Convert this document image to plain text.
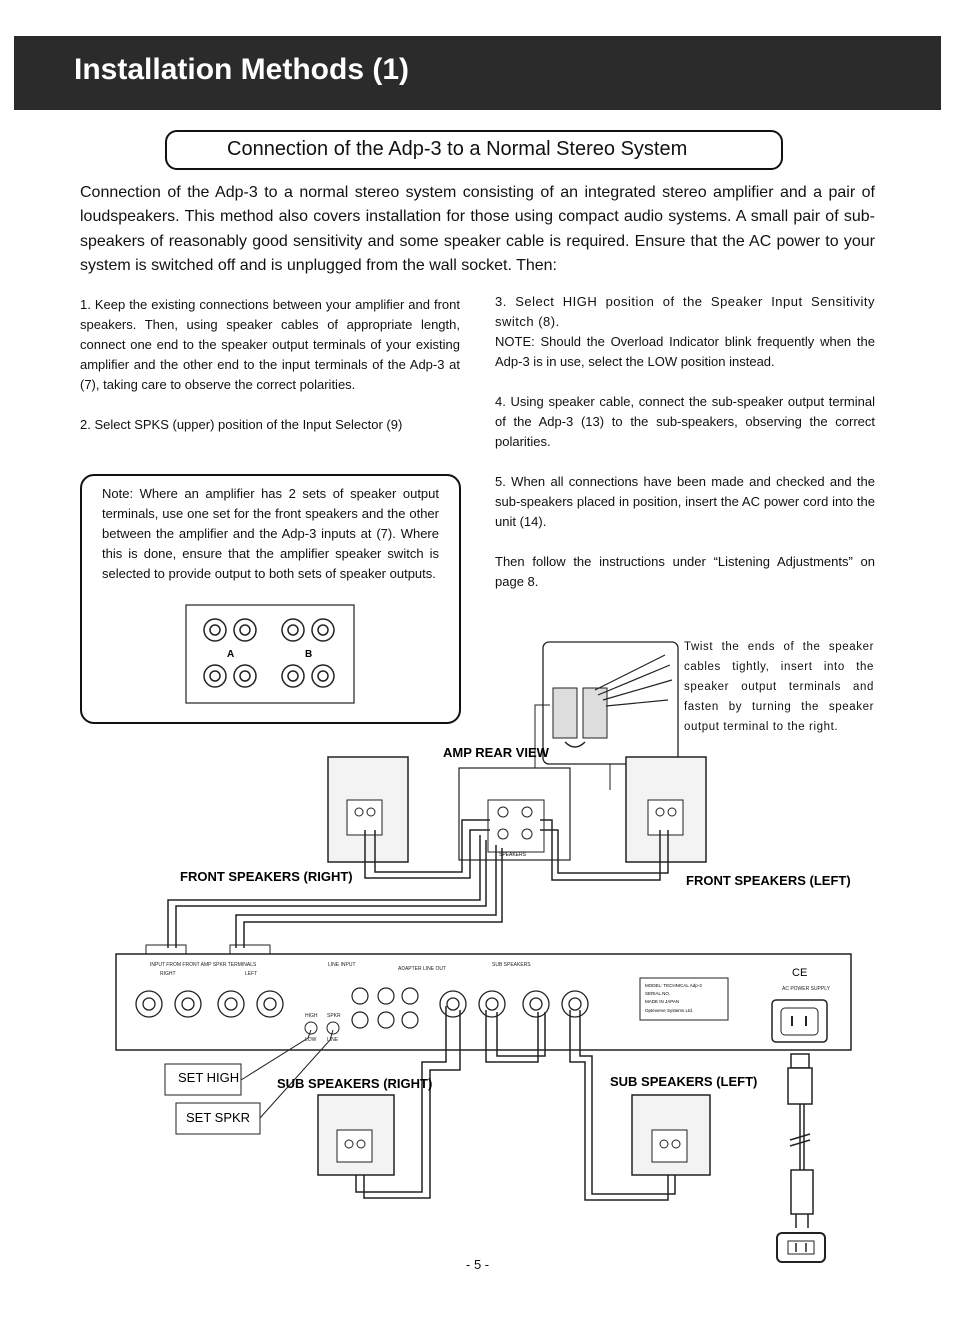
Installation Methods (1)
Connection of the Adp-3 to a Normal Stereo System

Connection of the Adp-3 to a normal stereo system consisting of an integrated stereo amplifier and a pair of loudspeakers. This method also covers installation for those using compact audio systems. A small pair of sub-speakers of reasonably good sensitivity and some speaker cable is required. Ensure that the AC power to your system is switched off and is unplugged from the wall socket. Then:

1. Keep the existing connections between your amplifier and front speakers. Then, using speaker cables of appropriate length, connect one end to the speaker output terminals of your existing amplifier and the other end to the input terminals of the Adp-3 at (7), taking care to observe the correct polarities.

2. Select SPKS (upper) position of the Input Selector (9)

Note: Where an amplifier has 2 sets of speaker output terminals, use one set for the front speakers and the other between the amplifier and the Adp-3 inputs at (7). Where this is done, ensure that the amplifier speaker switch is selected to provide output to both sets of speaker outputs.

A	B

3. Select HIGH position of the Speaker Input Sensitivity switch (8).

NOTE: Should the Overload Indicator blink frequently when the Adp-3 is in use, select the LOW position instead.

4. Using speaker cable, connect the sub-speaker output terminal of the Adp-3 (13) to the sub-speakers, observing the correct polarities.

5. When all connections have been made and checked and the sub-speakers placed in position, insert the AC power cord into the unit (14).

Then follow the instructions under “Listening Adjustments” on page 8.

Twist the ends of the speaker cables tightly, insert into the speaker output terminals and fasten by turning the speaker output terminal to the right.

AMP REAR VIEW
SPEAKERS
FRONT SPEAKERS (RIGHT)	FRONT SPEAKERS (LEFT)
INPUT FROM FRONT AMP SPKR TERMINALS
RIGHT	LEFT
LINE INPUT
ADAPTER LINE OUT
SUB SPEAKERS
HIGH
LOW
SPKR
LINE
AC POWER SUPPLY
CE
MODEL: TECHNICAL Adp-3
SERIAL NO.
MADE IN JAPAN
Opteverve Systems Ltd.
SET HIGH
SET SPKR
SUB SPEAKERS (RIGHT)	SUB SPEAKERS (LEFT)
- 5 -
